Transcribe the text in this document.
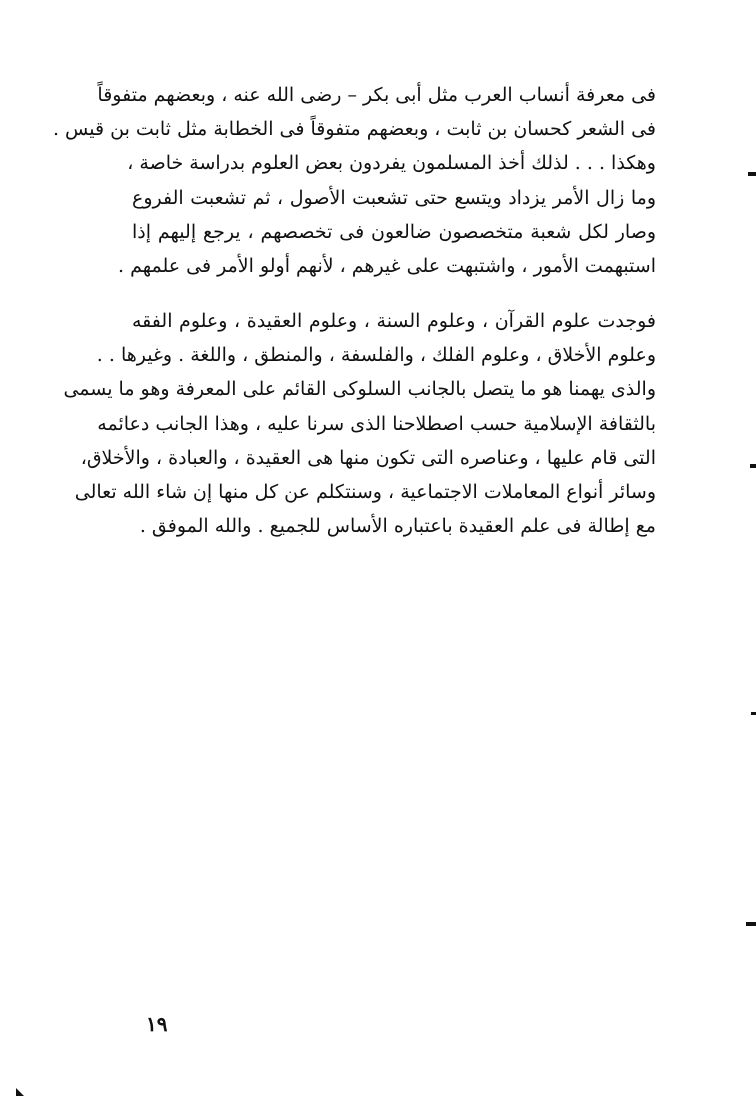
فى معرفة أنساب العرب مثل أبى بكر – رضى الله عنه ، وبعضهم متفوقاً
فى الشعر كحسان بن ثابت ، وبعضهم متفوقاً فى الخطابة مثل ثابت بن قيس .
وهكذا . . . لذلك أخذ المسلمون يفردون بعض العلوم بدراسة خاصة ،
وما زال الأمر يزداد ويتسع حتى تشعبت الأصول ، ثم تشعبت الفروع
وصار لكل شعبة متخصصون ضالعون فى تخصصهم ، يرجع إليهم إذا
استبهمت الأمور ، واشتبهت على غيرهم ، لأنهم أولو الأمر فى علمهم .
فوجدت علوم القرآن ، وعلوم السنة ، وعلوم العقيدة ، وعلوم الفقه
وعلوم الأخلاق ، وعلوم الفلك ، والفلسفة ، والمنطق ، واللغة . وغيرها . .
والذى يهمنا هو ما يتصل بالجانب السلوكى القائم على المعرفة وهو ما يسمى
بالثقافة الإسلامية حسب اصطلاحنا الذى سرنا عليه ، وهذا الجانب دعائمه
التى قام عليها ، وعناصره التى تكون منها هى العقيدة ، والعبادة ، والأخلاق،
وسائر أنواع المعاملات الاجتماعية ، وسنتكلم عن كل منها إن شاء الله تعالى
مع إطالة فى علم العقيدة باعتباره الأساس للجميع . والله الموفق .
١٩
